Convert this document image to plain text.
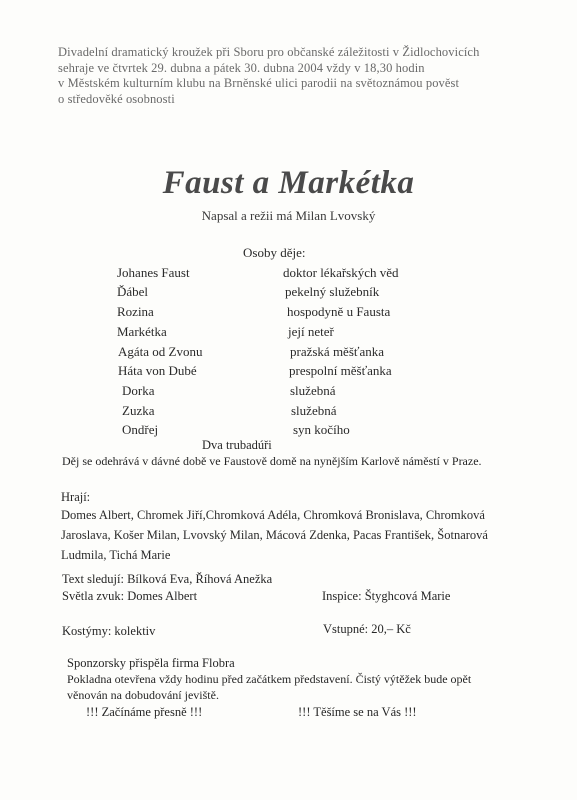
Divadelní dramatický kroužek při Sboru pro občanské záležitosti v Židlochovicích
sehraje ve čtvrtek 29. dubna a pátek 30. dubna 2004 vždy v 18,30 hodin
v Městském kulturním klubu na Brněnské ulici parodii na světoznámou pověst
o středověké osobnosti
Faust a Markétka
Napsal a režii má Milan Lvovský
Osoby děje:
Johanes Faust	doktor lékařských věd
Ďábel	pekelný služebník
Rozina	hospodyně u Fausta
Markétka	její neteř
Agáta od Zvonu	pražská měšťanka
Háta von Dubé	prespolní měšťanka
Dorka	služebná
Zuzka	služebná
Ondřej	syn kočího
Dva trubadúři
Děj se odehrává v dávné době ve Faustově domě na nynějším Karlově náměstí v Praze.
Hrají:
Domes Albert, Chromek Jiří,Chromková Adéla, Chromková Bronislava, Chromková
Jaroslava, Košer Milan, Lvovský Milan, Mácová Zdenka, Pacas František, Šotnarová
Ludmila, Tichá Marie
Text sledují: Bílková Eva, Říhová Anežka
Světla zvuk: Domes Albert	Inspice: Štyghcová Marie
Kostýmy: kolektiv	Vstupné: 20,– Kč
Sponzorsky přispěla firma Flobra
Pokladna otevřena vždy hodinu před začátkem představení. Čistý výtěžek bude opět
věnován na dobudování jeviště.
!!! Začínáme přesně !!!	!!! Těšíme se na Vás !!!
